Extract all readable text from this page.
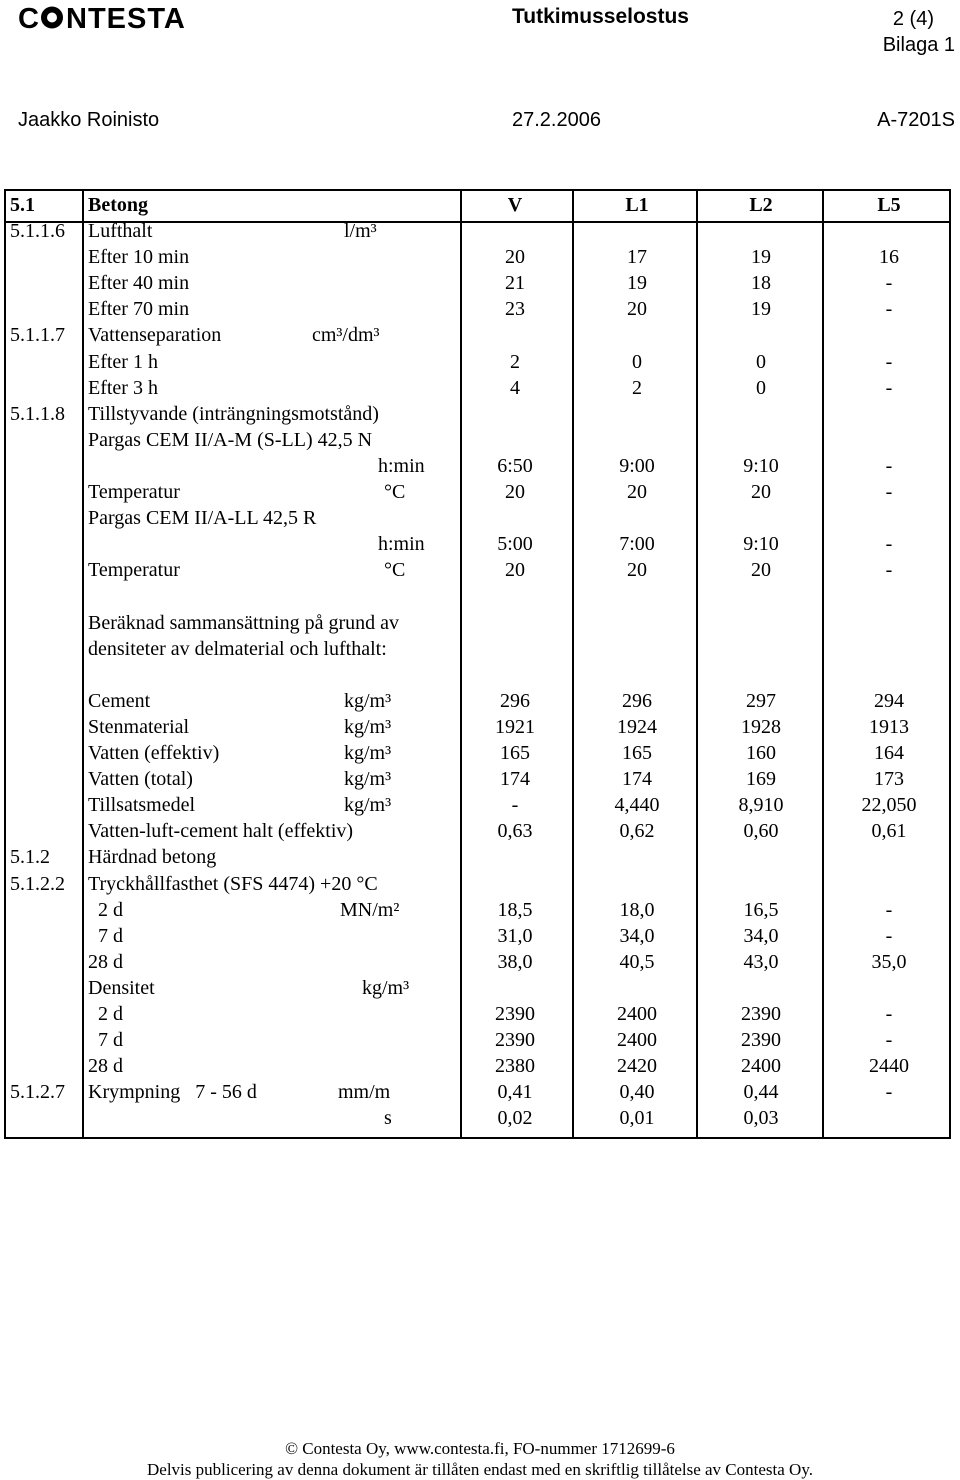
C NTESTA	Tutkimusselostus	2 (4)
Bilaga 1
Jaakko Roinisto	27.2.2006	A-7201S
5.1	Betong	V	L1	L2	L5
5.1.1.6 Lufthalt	l/m³
Efter 10 min	20	17	19	16
Efter 40 min	21	19	18	-
Efter 70 min	23	20	19	-
5.1.1.7 Vattenseparation	cm³/dm³
Efter 1 h	2	0	0	-
Efter 3 h	4	2	0	-
5.1.1.8 Tillstyvande (inträngningsmotstånd)
Pargas CEM II/A-M (S-LL) 42,5 N
h:min	6:50	9:00	9:10	-
Temperatur	°C	20	20	20	-
Pargas CEM II/A-LL 42,5 R
h:min	5:00	7:00	9:10	-
Temperatur	°C	20	20	20	-
Beräknad sammansättning på grund av
densiteter av delmaterial och lufthalt:
Cement	kg/m³	296	296	297	294
Stenmaterial	kg/m³	1921	1924	1928	1913
Vatten (effektiv)	kg/m³	165	165	160	164
Vatten (total)	kg/m³	174	174	169	173
Tillsatsmedel	kg/m³	-	4,440	8,910	22,050
Vatten-luft-cement halt (effektiv)	0,63	0,62	0,60	0,61
5.1.2 Härdnad betong
5.1.2.2 Tryckhållfasthet (SFS 4474) +20 °C
2 d	MN/m²	18,5	18,0	16,5	-
7 d	31,0	34,0	34,0	-
28 d	38,0	40,5	43,0	35,0
Densitet	kg/m³
2 d	2390	2400	2390	-
7 d	2390	2400	2390	-
28 d	2380	2420	2400	2440
5.1.2.7 Krympning   7 - 56 d	mm/m	0,41	0,40	0,44	-
s	0,02	0,01	0,03
© Contesta Oy, www.contesta.fi, FO-nummer 1712699-6
Delvis publicering av denna dokument är tillåten endast med en skriftlig tillåtelse av Contesta Oy.
